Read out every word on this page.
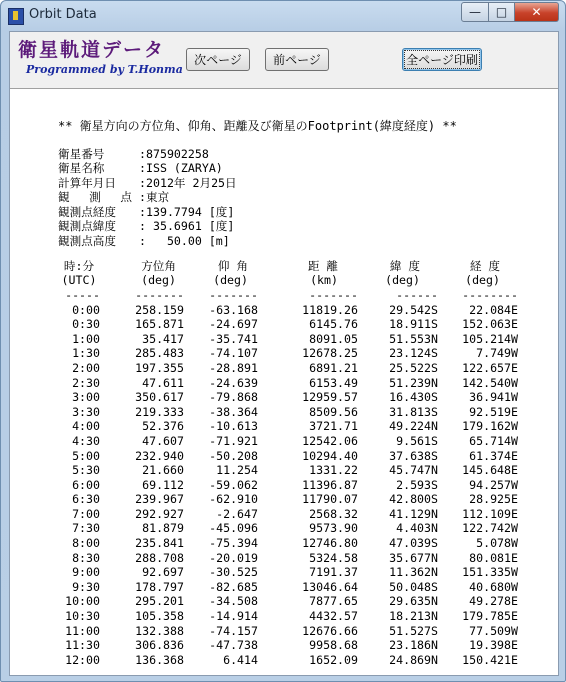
Orbit Data	— □ ✕
衛星軌道データ
Programmed by T.Honma
次ページ	前ページ	全ページ印刷
** 衛星方向の方位角、仰角、距離及び衛星のFootprint(緯度経度) **
衛星番号	: 875902258
衛星名称	: ISS (ZARYA)
計算年月日	: 2012年 2月25日
観 測 点 : 東京
観測点経度	: 139.7794 [度]
観測点緯度	: 35.6961 [度]
観測点高度	: 50.00 [m]
時:分	方位角	仰 角	距 離	緯 度	経 度
(UTC)	(deg)	(deg)	(km)	(deg)	(deg)
-----	-------	-------	-------	------	--------
0:00	258.159	-63.168	11819.26	29.542S	22.084E
0:30	165.871	-24.697	6145.76	18.911S	152.063E
1:00	35.417	-35.741	8091.05	51.553N	105.214W
1:30	285.483	-74.107	12678.25	23.124S	7.749W
2:00	197.355	-28.891	6891.21	25.522S	122.657E
2:30	47.611	-24.639	6153.49	51.239N	142.540W
3:00	350.617	-79.868	12959.57	16.430S	36.941W
3:30	219.333	-38.364	8509.56	31.813S	92.519E
4:00	52.376	-10.613	3721.71	49.224N	179.162W
4:30	47.607	-71.921	12542.06	9.561S	65.714W
5:00	232.940	-50.208	10294.40	37.638S	61.374E
5:30	21.660	11.254	1331.22	45.747N	145.648E
6:00	69.112	-59.062	11396.87	2.593S	94.257W
6:30	239.967	-62.910	11790.07	42.800S	28.925E
7:00	292.927	-2.647	2568.32	41.129N	112.109E
7:30	81.879	-45.096	9573.90	4.403N	122.742W
8:00	235.841	-75.394	12746.80	47.039S	5.078W
8:30	288.708	-20.019	5324.58	35.677N	80.081E
9:00	92.697	-30.525	7191.37	11.362N	151.335W
9:30	178.797	-82.685	13046.64	50.048S	40.680W
10:00	295.201	-34.508	7877.65	29.635N	49.278E
10:30	105.358	-14.914	4432.57	18.213N	179.785E
11:00	132.388	-74.157	12676.66	51.527S	77.509W
11:30	306.836	-47.738	9958.68	23.186N	19.398E
12:00	136.368	6.414	1652.09	24.869N	150.421E
